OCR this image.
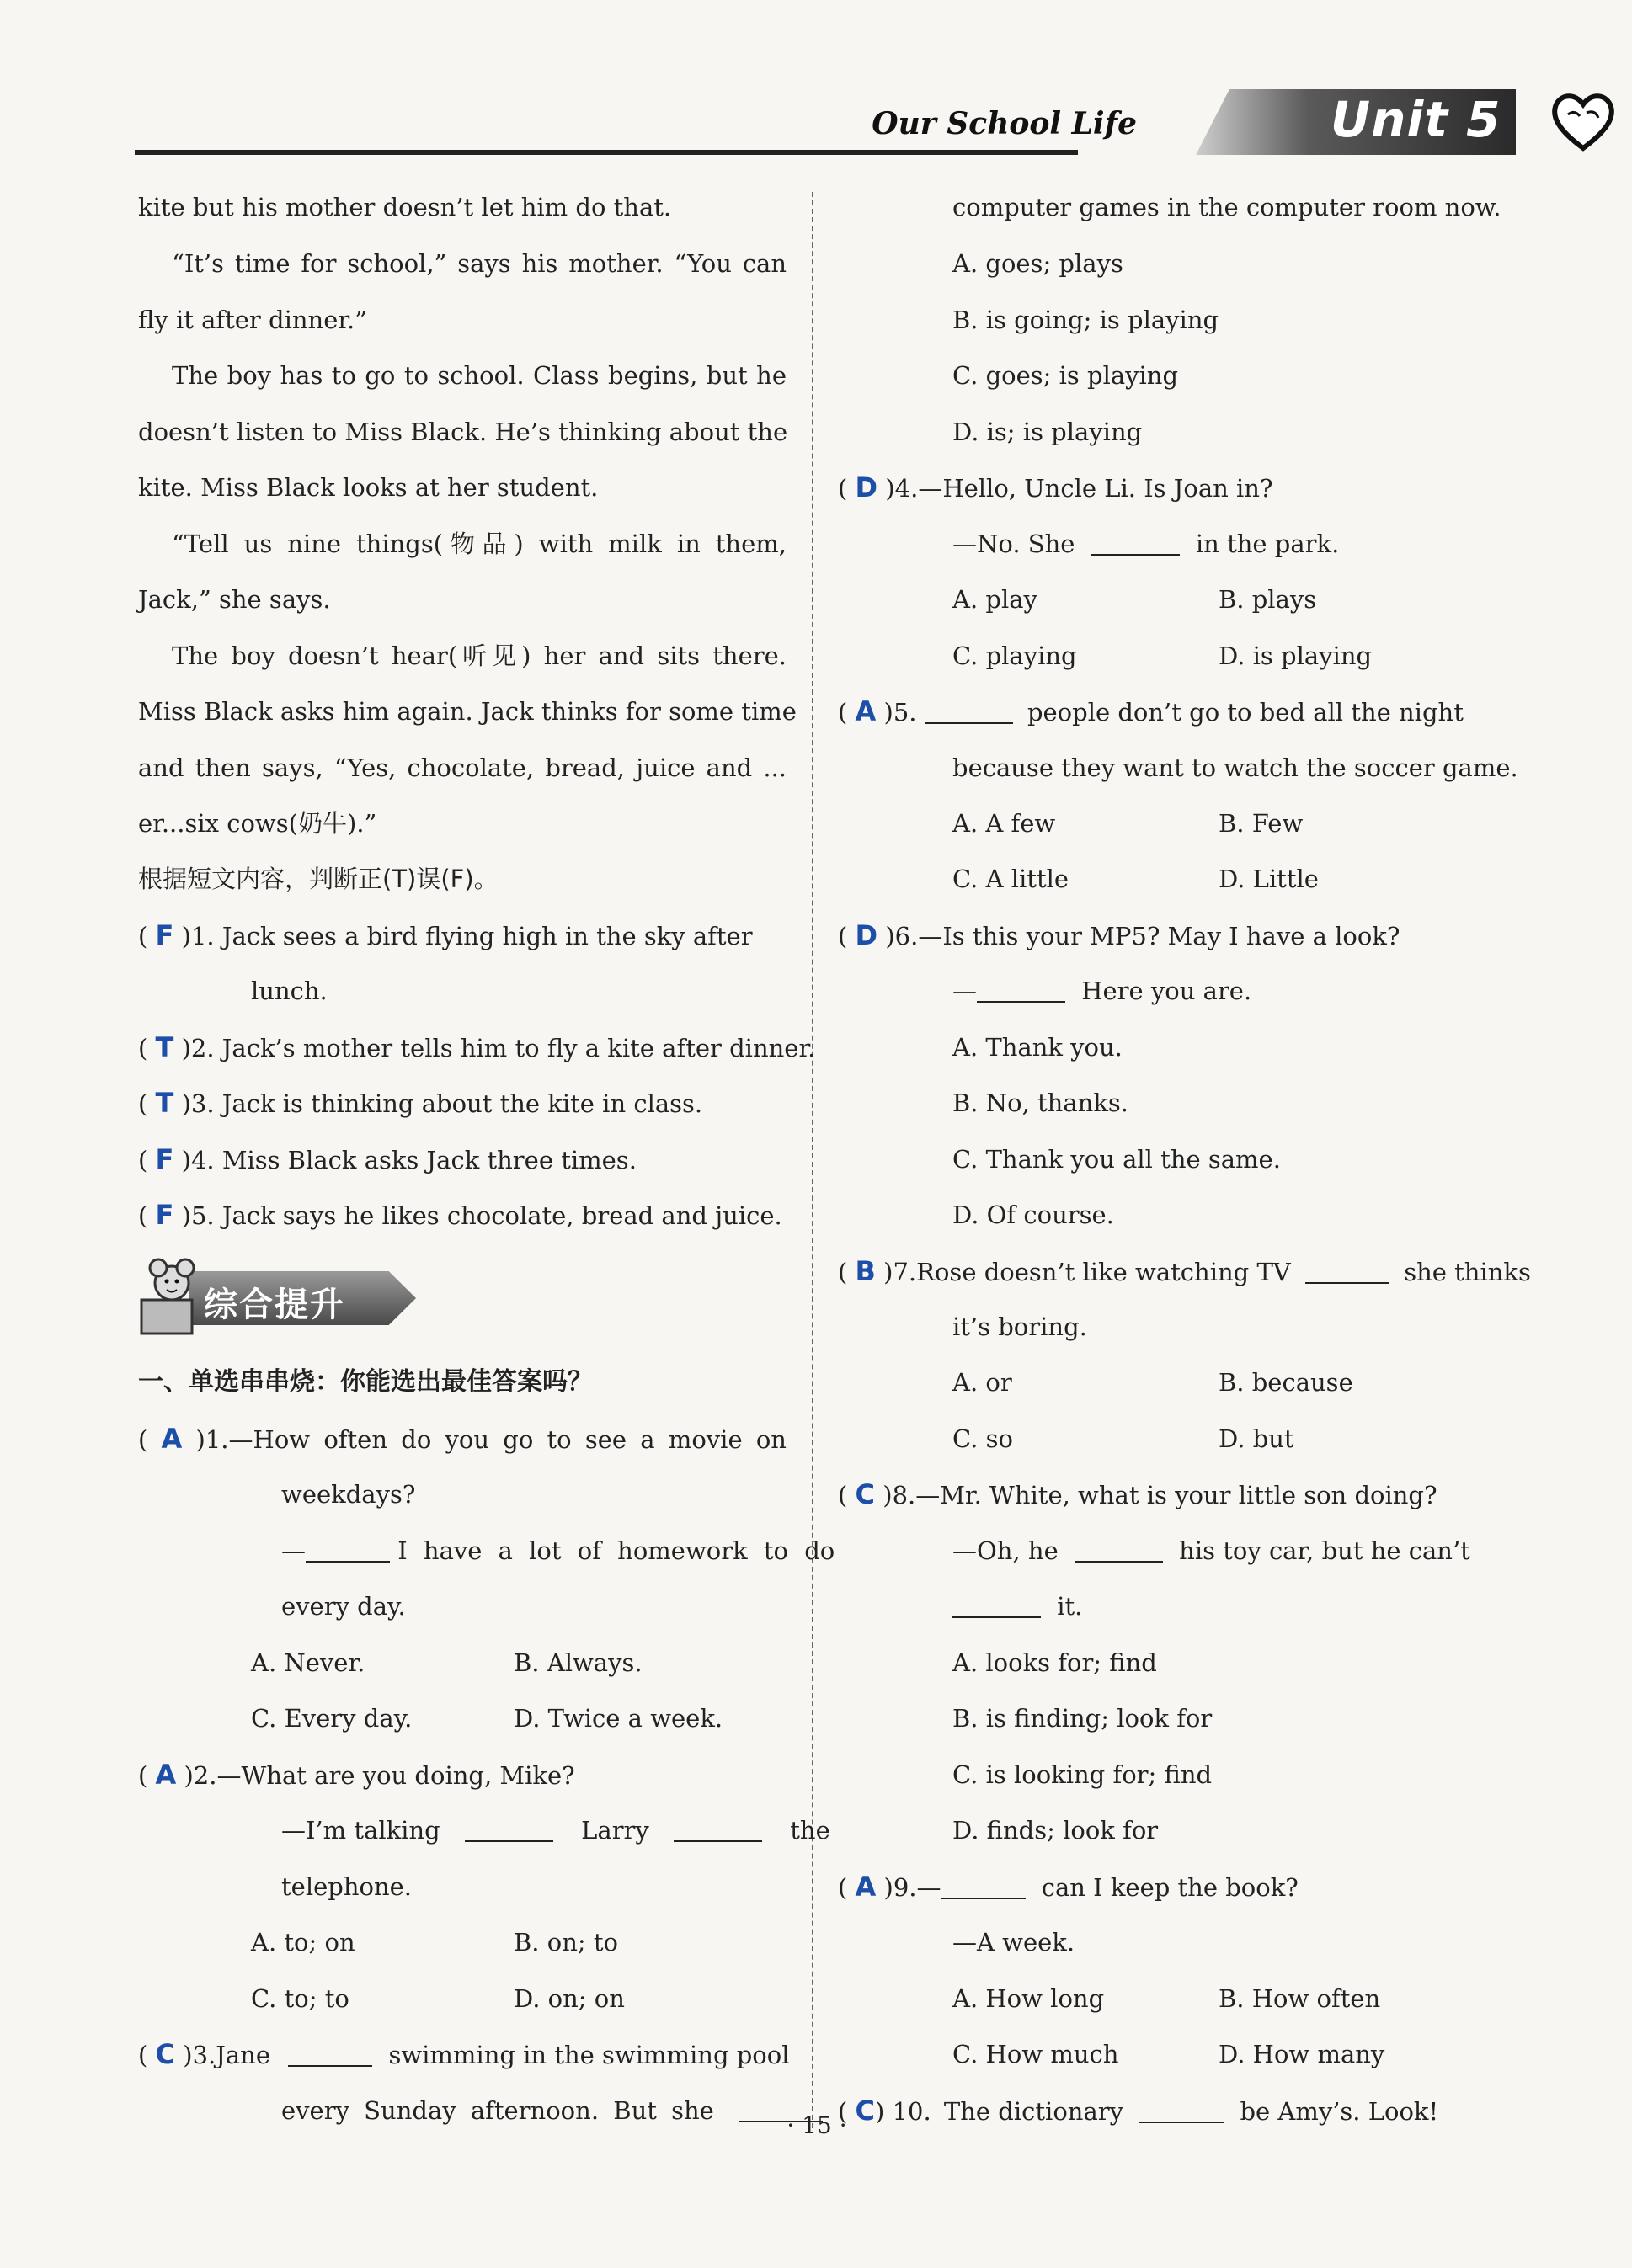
Our School Life	Unit 5
kite but his mother doesn’t let him do that.
“It’s time for school,” says his mother. “You can
fly it after dinner.”
The boy has to go to school. Class begins, but he
doesn’t listen to Miss Black. He’s thinking about the
kite. Miss Black looks at her student.
“Tell us nine things(物品) with milk in them,
Jack,” she says.
The boy doesn’t hear(听见) her and sits there.
Miss Black asks him again. Jack thinks for some time
and then says, “Yes, chocolate, bread, juice and ...
er...six cows(奶牛).”
根据短文内容，判断正(T)误(F)。
( F )1. Jack sees a bird flying high in the sky after
lunch.
( T )2. Jack’s mother tells him to fly a kite after dinner.
( T )3. Jack is thinking about the kite in class.
( F )4. Miss Black asks Jack three times.
( F )5. Jack says he likes chocolate, bread and juice.
一、单选串串烧：你能选出最佳答案吗？
( A )1.—How often do you go to see a movie on
weekdays?
—	I have a lot of homework to do
every day.
A. Never.	B. Always.
C. Every day.	D. Twice a week.
( A )2.—What are you doing, Mike?
—I’m talking	Larry	the
telephone.
A. to; on	B. on; to
C. to; to	D. on; on
( C )3.Jane	swimming in the swimming pool
every Sunday afternoon. But she
综合提升
computer games in the computer room now.
A. goes; plays
B. is going; is playing
C. goes; is playing
D. is; is playing
( D )4.—Hello, Uncle Li. Is Joan in?
—No. She	in the park.
A. play	B. plays
C. playing	D. is playing
( A )5.	people don’t go to bed all the night
because they want to watch the soccer game.
A. A few	B. Few
C. A little	D. Little
( D )6.—Is this your MP5? May I have a look?
—	Here you are.
A. Thank you.
B. No, thanks.
C. Thank you all the same.
D. Of course.
( B )7.Rose doesn’t like watching TV	she thinks
it’s boring.
A. or	B. because
C. so	D. but
( C )8.—Mr. White, what is your little son doing?
—Oh, he	his toy car, but he can’t
it.
A. looks for; find
B. is finding; look for
C. is looking for; find
D. finds; look for
( A )9.—	can I keep the book?
—A week.
A. How long	B. How often
C. How much	D. How many
( C) 10. The dictionary	be Amy’s. Look!
· 15 ·
